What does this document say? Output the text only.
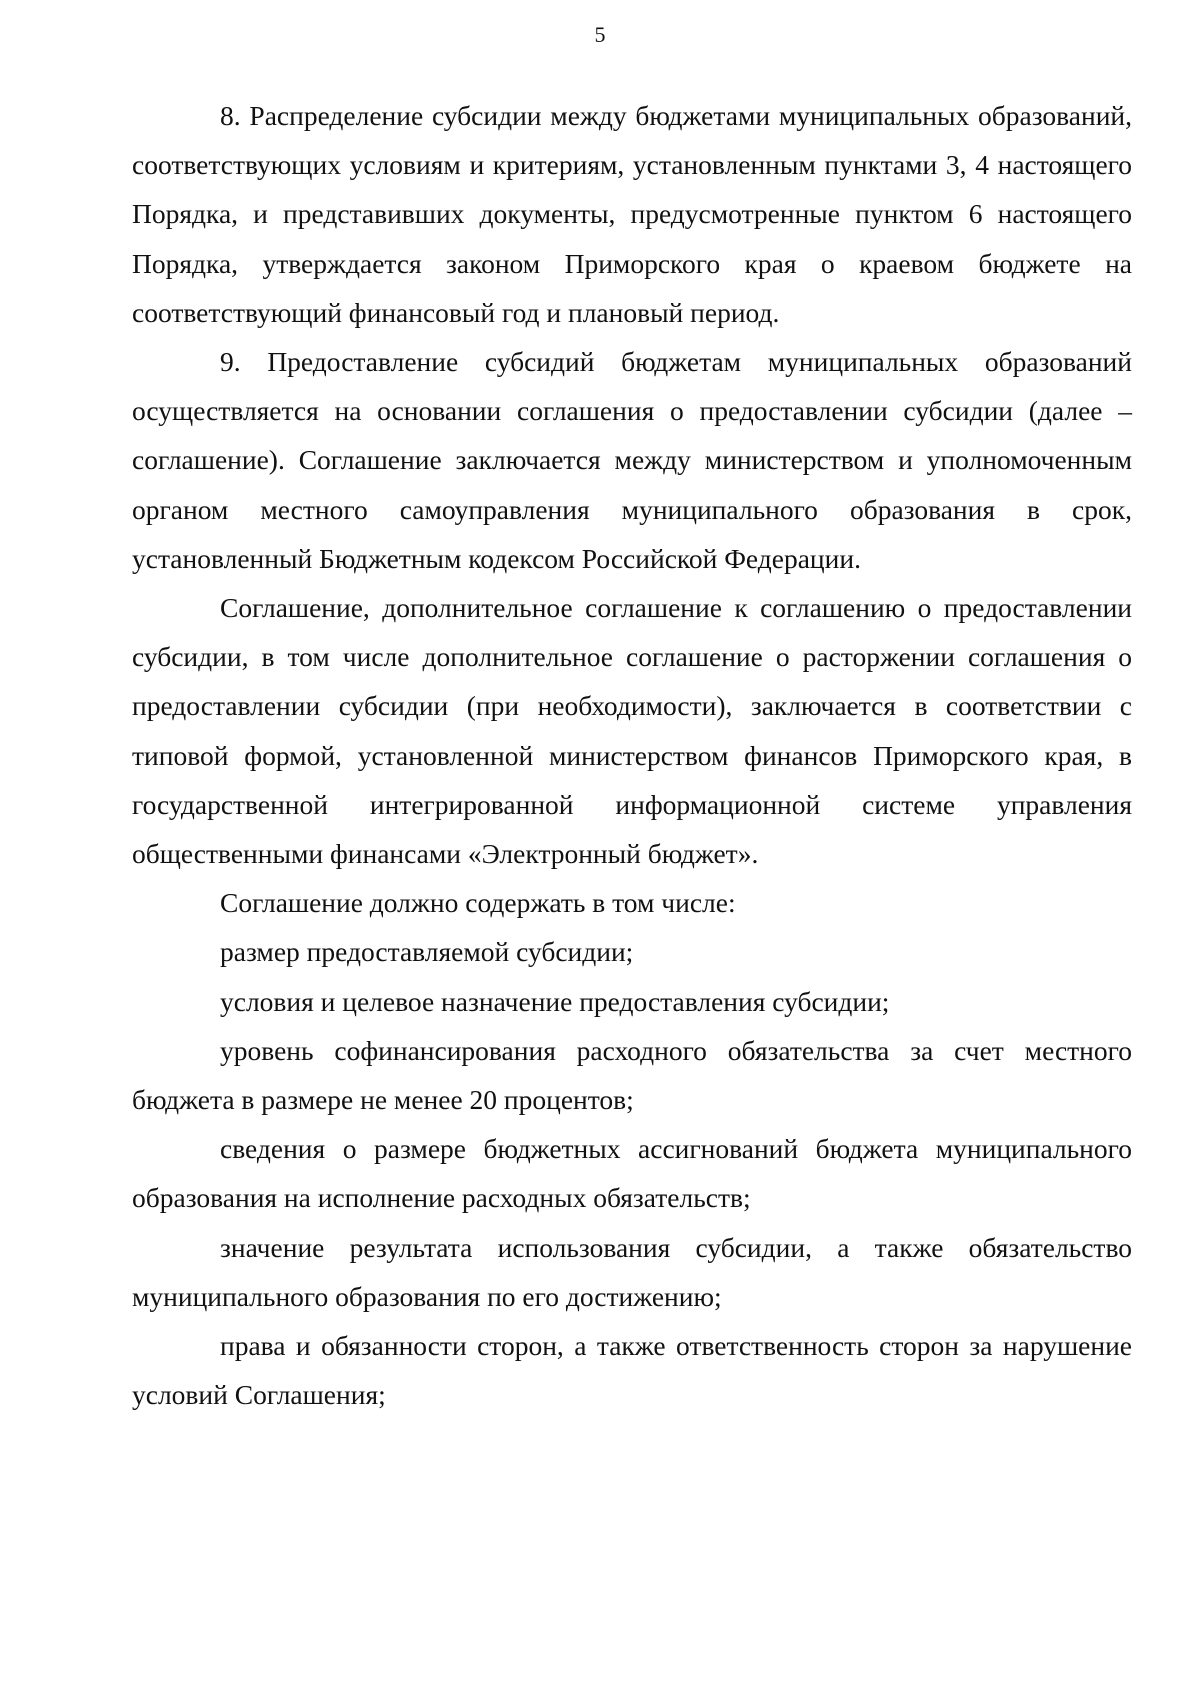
5

8. Распределение субсидии между бюджетами муниципальных образований, соответствующих условиям и критериям, установленным пунктами 3, 4 настоящего Порядка, и представивших документы, предусмотренные пунктом 6 настоящего Порядка, утверждается законом Приморского края о краевом бюджете на соответствующий финансовый год и плановый период.

9. Предоставление субсидий бюджетам муниципальных образований осуществляется на основании соглашения о предоставлении субсидии (далее – соглашение). Соглашение заключается между министерством и уполномоченным органом местного самоуправления муниципального образования в срок, установленный Бюджетным кодексом Российской Федерации.

Соглашение, дополнительное соглашение к соглашению о предоставлении субсидии, в том числе дополнительное соглашение о расторжении соглашения о предоставлении субсидии (при необходимости), заключается в соответствии с типовой формой, установленной министерством финансов Приморского края, в государственной интегрированной информационной системе управления общественными финансами «Электронный бюджет».

Соглашение должно содержать в том числе:

размер предоставляемой субсидии;

условия и целевое назначение предоставления субсидии;

уровень софинансирования расходного обязательства за счет местного бюджета в размере не менее 20 процентов;

сведения о размере бюджетных ассигнований бюджета муниципального образования на исполнение расходных обязательств;

значение результата использования субсидии, а также обязательство муниципального образования по его достижению;

права и обязанности сторон, а также ответственность сторон за нарушение условий Соглашения;
